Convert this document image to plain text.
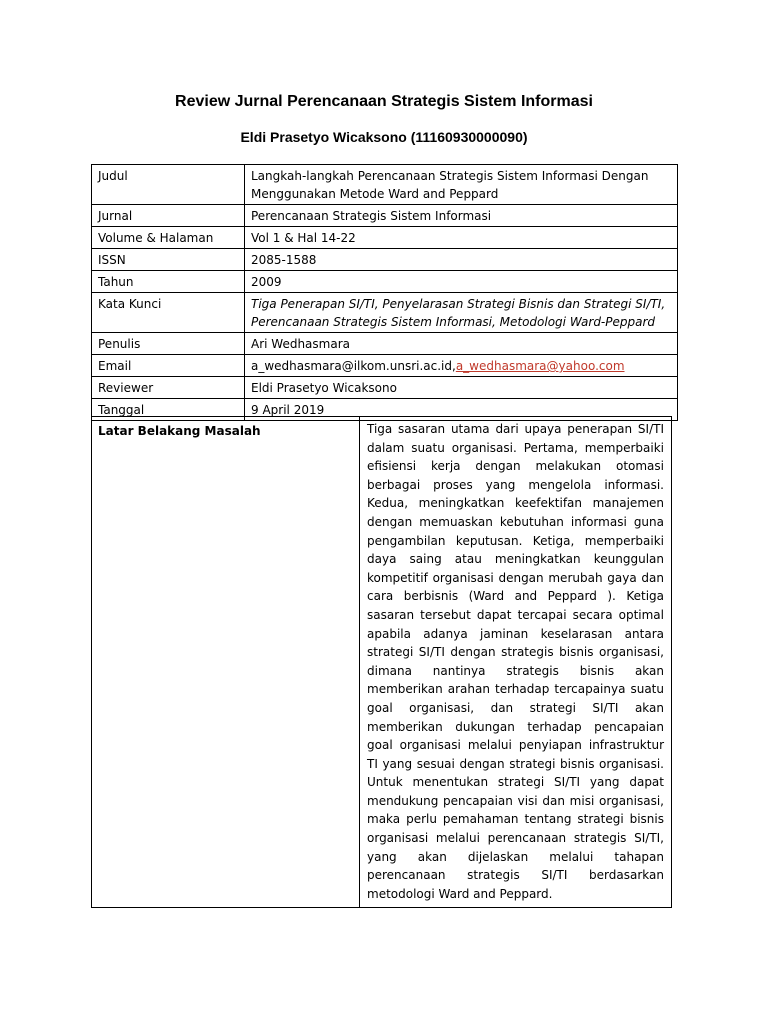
Review Jurnal Perencanaan Strategis Sistem Informasi
Eldi Prasetyo Wicaksono (11160930000090)
Judul	Langkah-langkah Perencanaan Strategis Sistem Informasi Dengan Menggunakan Metode Ward and Peppard
Jurnal	Perencanaan Strategis Sistem Informasi
Volume & Halaman	Vol 1 & Hal 14-22
ISSN	2085-1588
Tahun	2009
Kata Kunci	Tiga Penerapan SI/TI, Penyelarasan Strategi Bisnis dan Strategi SI/TI, Perencanaan Strategis Sistem Informasi, Metodologi Ward-Peppard
Penulis	Ari Wedhasmara
Email	a_wedhasmara@ilkom.unsri.ac.id,a_wedhasmara@yahoo.com
Reviewer	Eldi Prasetyo Wicaksono
Tanggal	9 April 2019
Latar Belakang Masalah	Tiga sasaran utama dari upaya penerapan SI/TI dalam suatu organisasi. Pertama, memperbaiki efisiensi kerja dengan melakukan otomasi berbagai proses yang mengelola informasi. Kedua, meningkatkan keefektifan manajemen dengan memuaskan kebutuhan informasi guna pengambilan keputusan. Ketiga, memperbaiki daya saing atau meningkatkan keunggulan kompetitif organisasi dengan merubah gaya dan cara berbisnis (Ward and Peppard ). Ketiga sasaran tersebut dapat tercapai secara optimal apabila adanya jaminan keselarasan antara strategi SI/TI dengan strategis bisnis organisasi, dimana nantinya strategis bisnis akan memberikan arahan terhadap tercapainya suatu goal organisasi, dan strategi SI/TI akan memberikan dukungan terhadap pencapaian goal organisasi melalui penyiapan infrastruktur TI yang sesuai dengan strategi bisnis organisasi. Untuk menentukan strategi SI/TI yang dapat mendukung pencapaian visi dan misi organisasi, maka perlu pemahaman tentang strategi bisnis organisasi melalui perencanaan strategis SI/TI, yang akan dijelaskan melalui tahapan perencanaan strategis SI/TI berdasarkan metodologi Ward and Peppard.
